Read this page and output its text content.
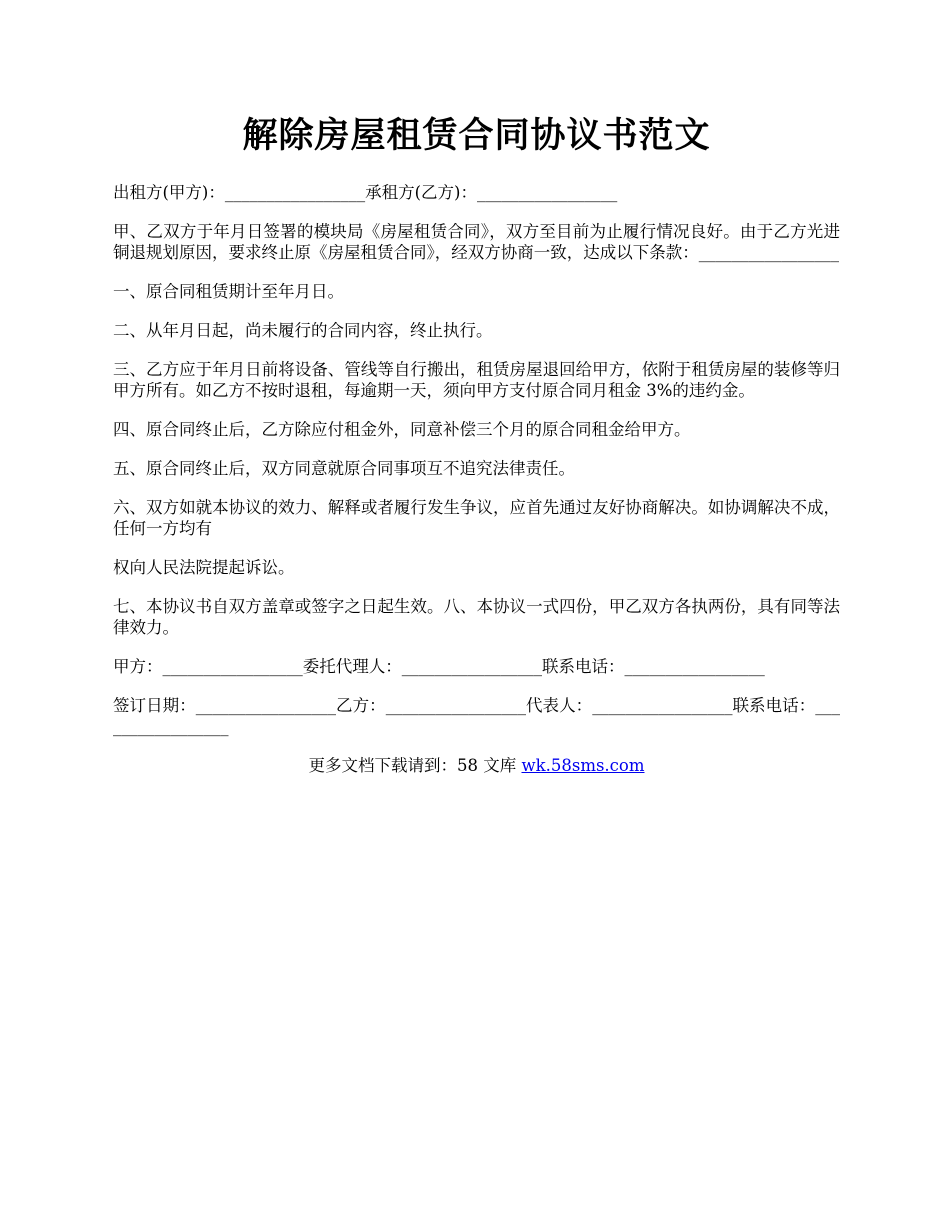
解除房屋租赁合同协议书范文

出租方(甲方)：_________________承租方(乙方)：_________________

甲、乙双方于年月日签署的模块局《房屋租赁合同》，双方至目前为止履行情况良好。由于乙方光进铜退规划原因，要求终止原《房屋租赁合同》，经双方协商一致，达成以下条款：_________________

一、原合同租赁期计至年月日。

二、从年月日起，尚未履行的合同内容，终止执行。

三、乙方应于年月日前将设备、管线等自行搬出，租赁房屋退回给甲方，依附于租赁房屋的装修等归甲方所有。如乙方不按时退租，每逾期一天，须向甲方支付原合同月租金 3%的违约金。

四、原合同终止后，乙方除应付租金外，同意补偿三个月的原合同租金给甲方。

五、原合同终止后，双方同意就原合同事项互不追究法律责任。

六、双方如就本协议的效力、解释或者履行发生争议，应首先通过友好协商解决。如协调解决不成，任何一方均有

权向人民法院提起诉讼。

七、本协议书自双方盖章或签字之日起生效。八、本协议一式四份，甲乙双方各执两份，具有同等法律效力。

甲方：_________________委托代理人：_________________联系电话：_________________

签订日期：_________________乙方：_________________代表人：_________________联系电话：_________________

更多文档下载请到：58 文库 wk.58sms.com
